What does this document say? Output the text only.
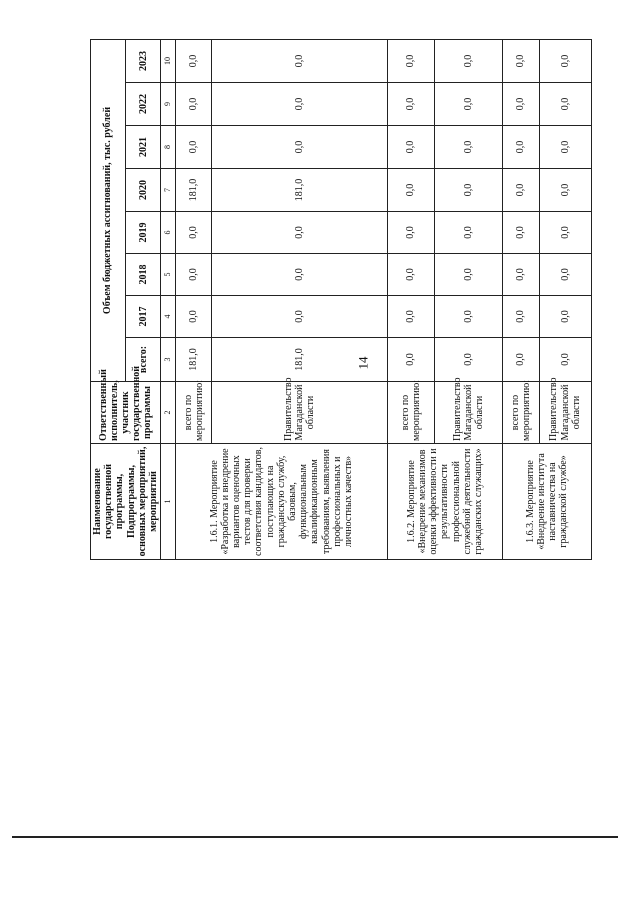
14
Наименование государственной программы, Подпрограммы, основных мероприятий, мероприятий	Ответственный исполнитель, участник государственной программы	Объем бюджетных ассигнований, тыс. рублей							
		всего:	2017	2018	2019	2020	2021	2022	2023
1	2	3	4	5	6	7	8	9	10
1.6.1. Мероприятие «Разработка и внедрение вариантов оценочных тестов для проверки соответствия кандидатов, поступающих на гражданскую службу, базовым, функциональным квалификационным требованиям, выявления профессиональных и личностных качеств»	всего по мероприятию:	181,0	0,0	0,0	0,0	181,0	0,0	0,0	0,0
	Правительство Магаданской области	181,0	0,0	0,0	0,0	181,0	0,0	0,0	0,0

1.6.2. Мероприятие «Внедрение механизмов оценки эффективности и результативности профессиональной служебной деятельности гражданских служащих»	всего по мероприятию:	0,0	0,0	0,0	0,0	0,0	0,0	0,0	0,0
	Правительство Магаданской области	0,0	0,0	0,0	0,0	0,0	0,0	0,0	0,0
1.6.3. Мероприятие «Внедрение института наставничества на гражданской службе»	всего по мероприятию:	0,0	0,0	0,0	0,0	0,0	0,0	0,0	0,0
	Правительство Магаданской области	0,0	0,0	0,0	0,0	0,0	0,0	0,0	0,0
